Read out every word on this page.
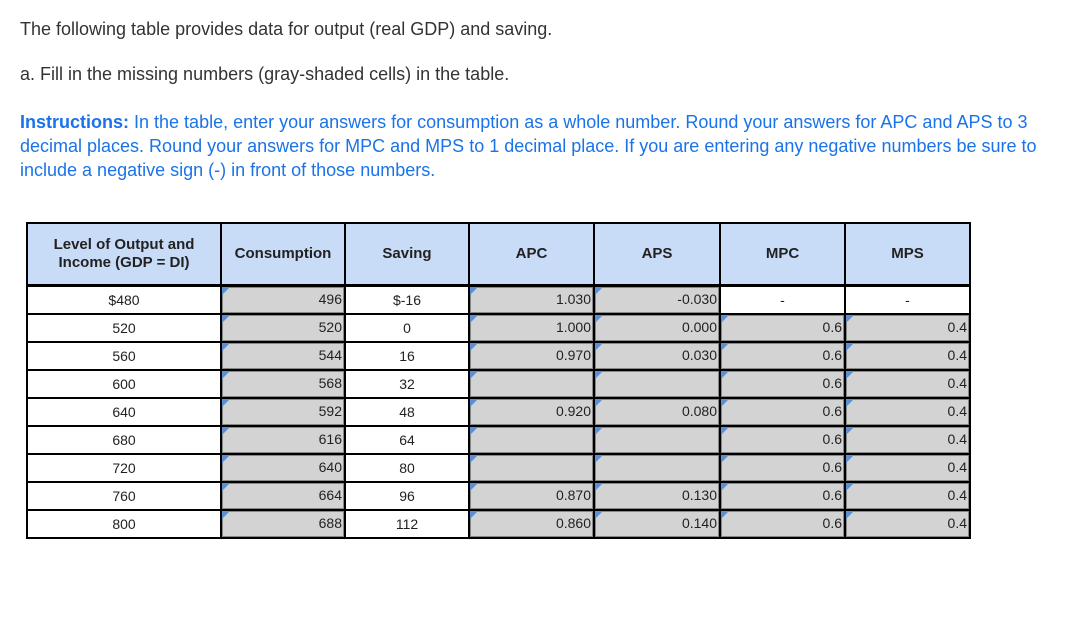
The following table provides data for output (real GDP) and saving.

a. Fill in the missing numbers (gray-shaded cells) in the table.

Instructions: In the table, enter your answers for consumption as a whole number. Round your answers for APC and APS to 3 decimal places. Round your answers for MPC and MPS to 1 decimal place. If you are entering any negative numbers be sure to include a negative sign (-) in front of those numbers.

Level of Output and Income (GDP = DI)	Consumption	Saving	APC	APS	MPC	MPS
$480	496	$-16	1.030	-0.030	-	-
520	520	0	1.000	0.000	0.6	0.4

560	544	16	0.970	0.030	0.6	0.4

600	568	32			0.6	0.4

640	592	48	0.920	0.080	0.6	0.4

680	616	64			0.6	0.4

720	640	80			0.6	0.4

760	664	96	0.870	0.130	0.6	0.4

800	688	112	0.860	0.140	0.6	0.4
